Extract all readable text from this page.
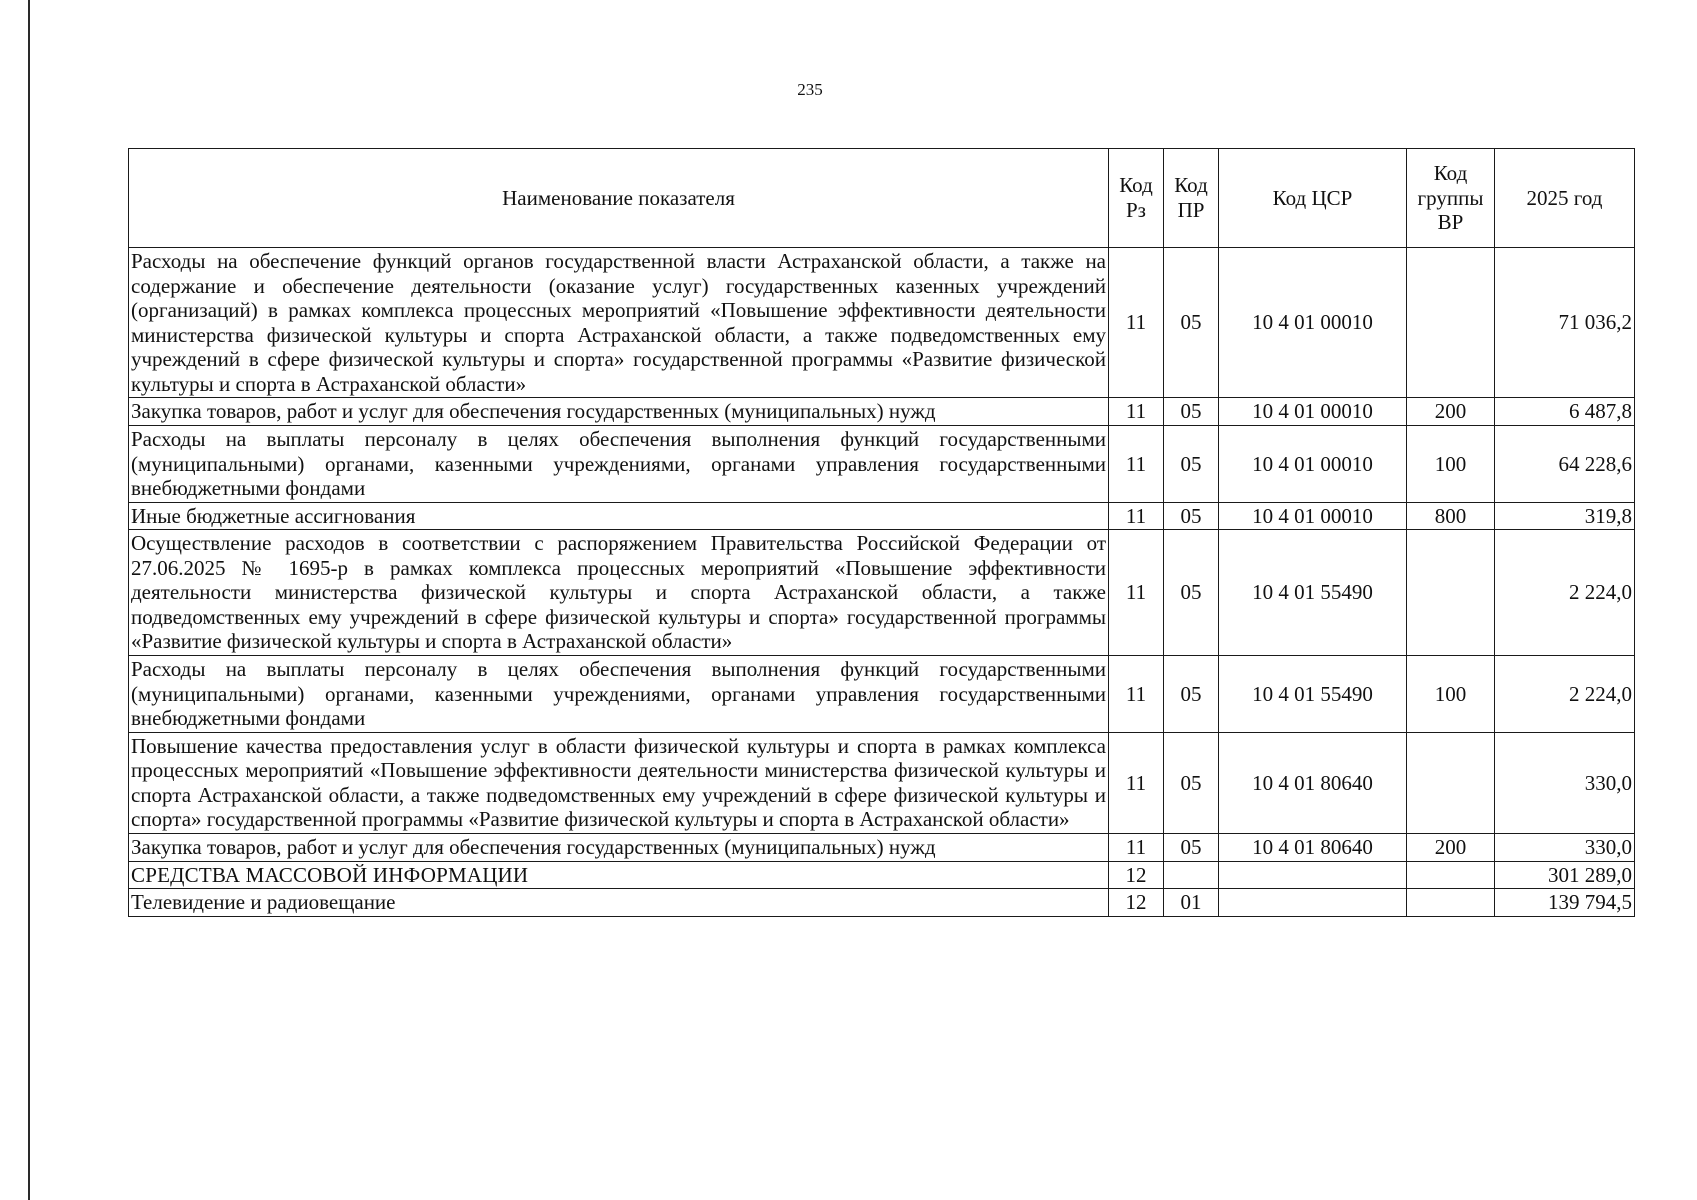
235
Наименование показателя	Код Рз	Код ПР	Код ЦСР	Код группы ВР	2025 год
Расходы на обеспечение функций органов государственной власти Астраханской области, а также на содержание и обеспечение деятельности (оказание услуг) государственных казенных учреждений (организаций) в рамках комплекса процессных мероприятий «Повышение эффективности деятельности министерства физической культуры и спорта Астраханской области, а также подведомственных ему учреждений в сфере физической культуры и спорта» государственной программы «Развитие физической культуры и спорта в Астраханской области»	11	05	10 4 01 00010		71 036,2
Закупка товаров, работ и услуг для обеспечения государственных (муниципальных) нужд	11	05	10 4 01 00010	200	6 487,8
Расходы на выплаты персоналу в целях обеспечения выполнения функций государственными (муниципальными) органами, казенными учреждениями, органами управления государственными внебюджетными фондами	11	05	10 4 01 00010	100	64 228,6
Иные бюджетные ассигнования	11	05	10 4 01 00010	800	319,8
Осуществление расходов в соответствии с распоряжением Правительства Российской Федерации от 27.06.2025 № 1695-р в рамках комплекса процессных мероприятий «Повышение эффективности деятельности министерства физической культуры и спорта Астраханской области, а также подведомственных ему учреждений в сфере физической культуры и спорта» государственной программы «Развитие физической культуры и спорта в Астраханской области»	11	05	10 4 01 55490		2 224,0
Расходы на выплаты персоналу в целях обеспечения выполнения функций государственными (муниципальными) органами, казенными учреждениями, органами управления государственными внебюджетными фондами	11	05	10 4 01 55490	100	2 224,0
Повышение качества предоставления услуг в области физической культуры и спорта в рамках комплекса процессных мероприятий «Повышение эффективности деятельности министерства физической культуры и спорта Астраханской области, а также подведомственных ему учреждений в сфере физической культуры и спорта» государственной программы «Развитие физической культуры и спорта в Астраханской области»	11	05	10 4 01 80640		330,0
Закупка товаров, работ и услуг для обеспечения государственных (муниципальных) нужд	11	05	10 4 01 80640	200	330,0
СРЕДСТВА МАССОВОЙ ИНФОРМАЦИИ	12				301 289,0
Телевидение и радиовещание	12	01			139 794,5
